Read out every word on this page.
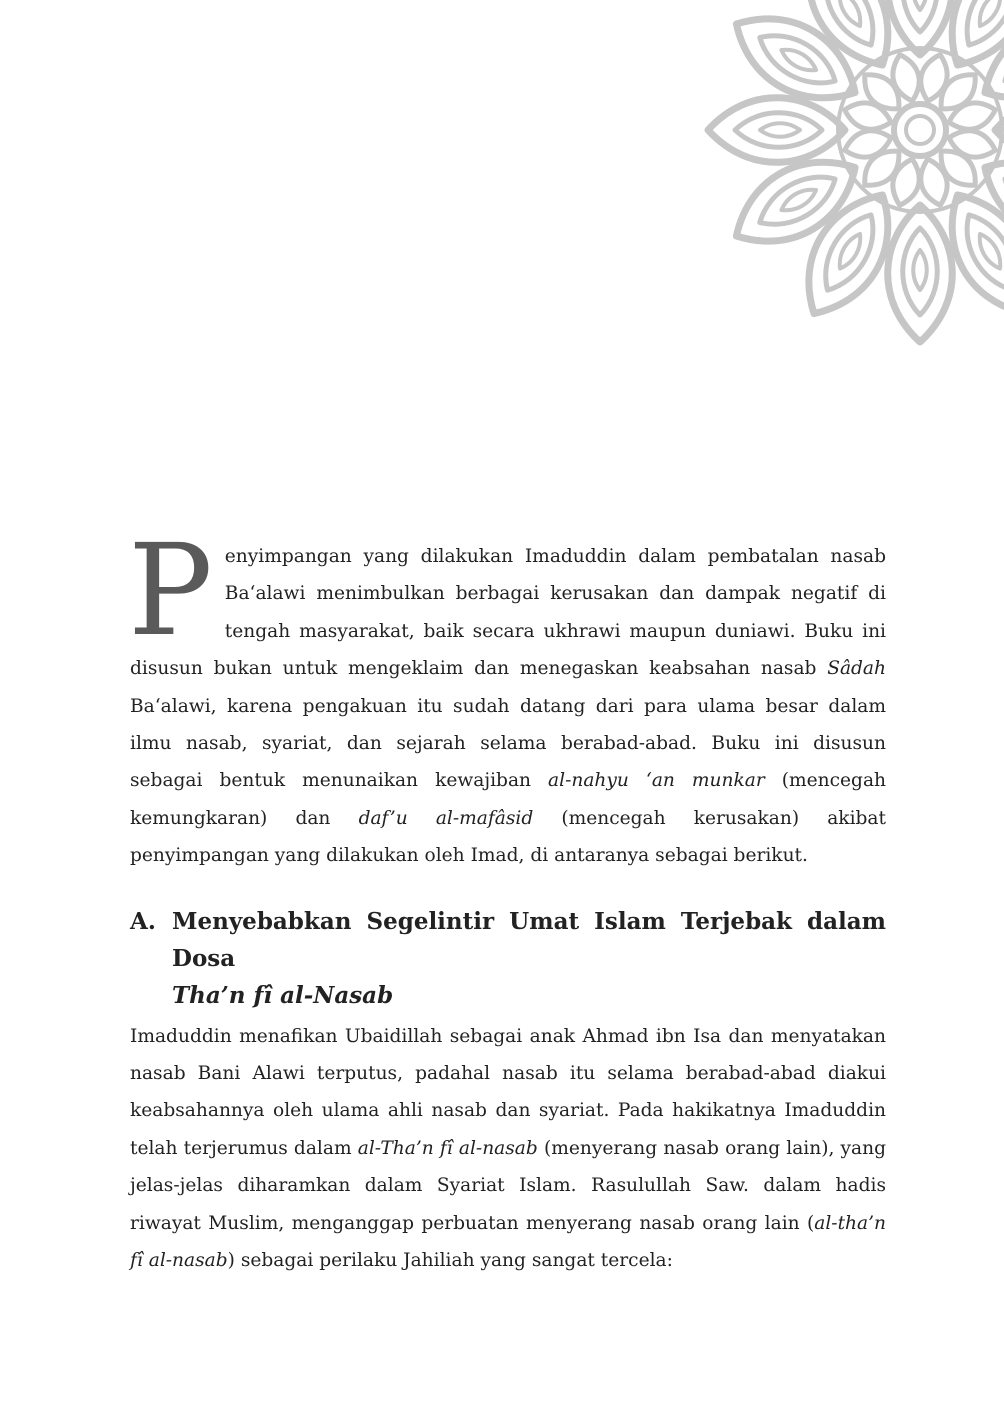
Penyimpangan yang dilakukan Imaduddin dalam pembatalan nasab Ba‘alawi menimbulkan berbagai kerusakan dan dampak negatif di tengah masyarakat, baik secara ukhrawi maupun duniawi. Buku ini disusun bukan untuk mengeklaim dan menegaskan keabsahan nasab Sâdah Ba‘alawi, karena pengakuan itu sudah datang dari para ulama besar dalam ilmu nasab, syariat, dan sejarah selama berabad-abad. Buku ini disusun sebagai bentuk menunaikan kewajiban al-nahyu ‘an munkar (mencegah kemungkaran) dan daf’u al-mafâsid (mencegah kerusakan) akibat penyimpangan yang dilakukan oleh Imad, di antaranya sebagai berikut.

A. Menyebabkan Segelintir Umat Islam Terjebak dalam Dosa
Tha’n fî al-Nasab

Imaduddin menafikan Ubaidillah sebagai anak Ahmad ibn Isa dan menyatakan nasab Bani Alawi terputus, padahal nasab itu selama berabad-abad diakui keabsahannya oleh ulama ahli nasab dan syariat. Pada hakikatnya Imaduddin telah terjerumus dalam al-Tha’n fî al-nasab (menyerang nasab orang lain), yang jelas-jelas diharamkan dalam Syariat Islam. Rasulullah Saw. dalam hadis riwayat Muslim, menganggap perbuatan menyerang nasab orang lain (al-tha’n fî al-nasab) sebagai perilaku Jahiliah yang sangat tercela:
